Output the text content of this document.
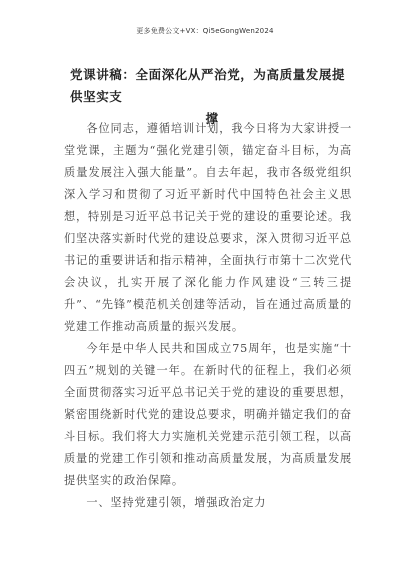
更多免费公文+VX：Qi5eGongWen2024
党课讲稿：全面深化从严治党，为高质量发展提供坚实支
撑

各位同志，遵循培训计划，我今日将为大家讲授一堂党课，主题为“强化党建引领，锚定奋斗目标，为高质量发展注入强大能量”。自去年起，我市各级党组织深入学习和贯彻了习近平新时代中国特色社会主义思想，特别是习近平总书记关于党的建设的重要论述。我们坚决落实新时代党的建设总要求，深入贯彻习近平总书记的重要讲话和指示精神，全面执行市第十二次党代会决议，扎实开展了深化能力作风建设“三转三提升”、“先锋”模范机关创建等活动，旨在通过高质量的党建工作推动高质量的振兴发展。

今年是中华人民共和国成立75周年，也是实施“十四五”规划的关键一年。在新时代的征程上，我们必须全面贯彻落实习近平总书记关于党的建设的重要思想，紧密围绕新时代党的建设总要求，明确并锚定我们的奋斗目标。我们将大力实施机关党建示范引领工程，以高质量的党建工作引领和推动高质量发展，为高质量发展提供坚实的政治保障。

一、坚持党建引领，增强政治定力
